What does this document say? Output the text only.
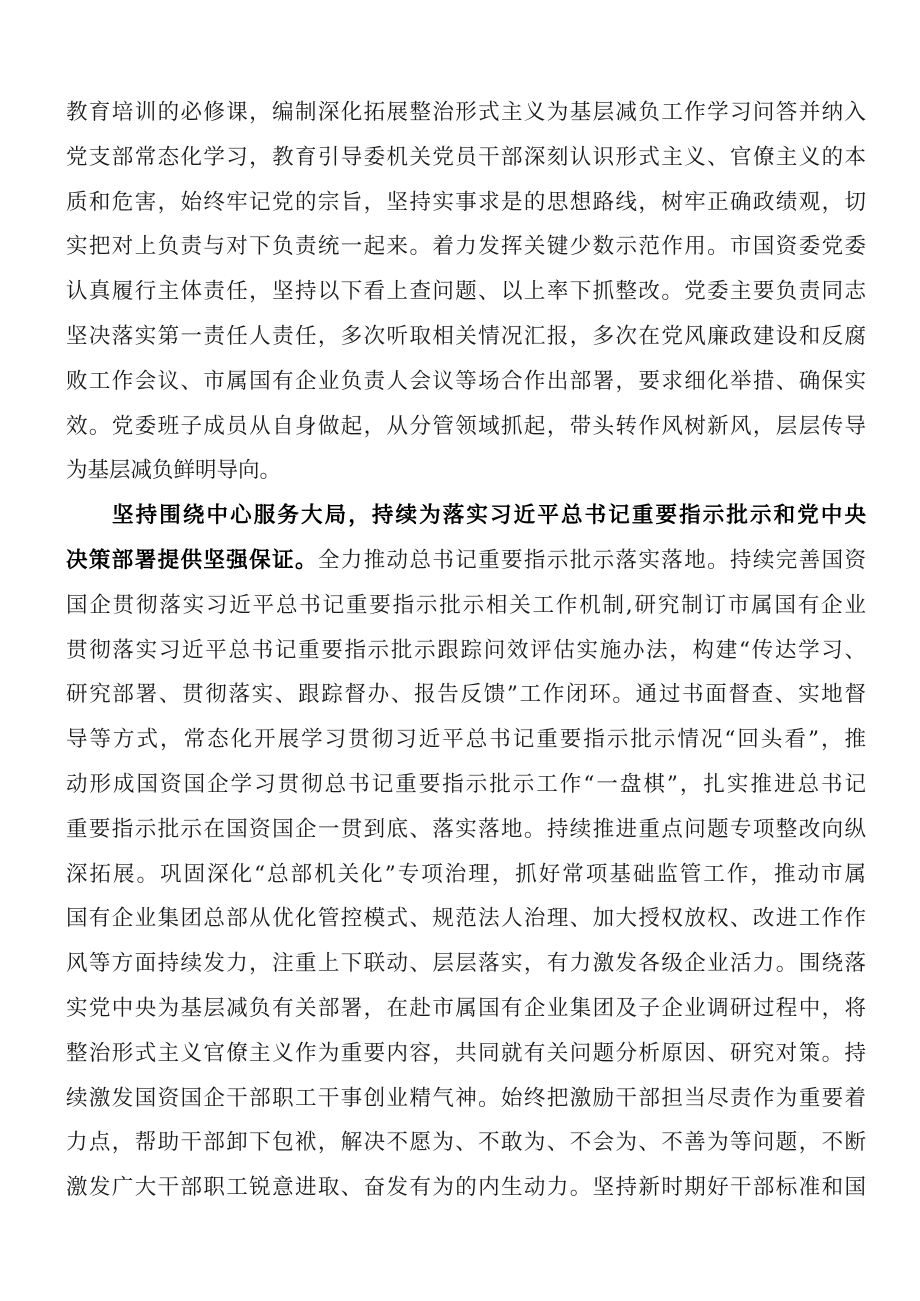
教育培训的必修课，编制深化拓展整治形式主义为基层减负工作学习问答并纳入
党支部常态化学习，教育引导委机关党员干部深刻认识形式主义、官僚主义的本
质和危害，始终牢记党的宗旨，坚持实事求是的思想路线，树牢正确政绩观，切
实把对上负责与对下负责统一起来。着力发挥关键少数示范作用。市国资委党委
认真履行主体责任，坚持以下看上查问题、以上率下抓整改。党委主要负责同志
坚决落实第一责任人责任，多次听取相关情况汇报，多次在党风廉政建设和反腐
败工作会议、市属国有企业负责人会议等场合作出部署，要求细化举措、确保实
效。党委班子成员从自身做起，从分管领域抓起，带头转作风树新风，层层传导
为基层减负鲜明导向。
坚持围绕中心服务大局，持续为落实习近平总书记重要指示批示和党中央
决策部署提供坚强保证。全力推动总书记重要指示批示落实落地。持续完善国资
国企贯彻落实习近平总书记重要指示批示相关工作机制,研究制订市属国有企业
贯彻落实习近平总书记重要指示批示跟踪问效评估实施办法，构建“传达学习、
研究部署、贯彻落实、跟踪督办、报告反馈”工作闭环。通过书面督查、实地督
导等方式，常态化开展学习贯彻习近平总书记重要指示批示情况“回头看”，推
动形成国资国企学习贯彻总书记重要指示批示工作“一盘棋”，扎实推进总书记
重要指示批示在国资国企一贯到底、落实落地。持续推进重点问题专项整改向纵
深拓展。巩固深化“总部机关化”专项治理，抓好常项基础监管工作，推动市属
国有企业集团总部从优化管控模式、规范法人治理、加大授权放权、改进工作作
风等方面持续发力，注重上下联动、层层落实，有力激发各级企业活力。围绕落
实党中央为基层减负有关部署，在赴市属国有企业集团及子企业调研过程中，将
整治形式主义官僚主义作为重要内容，共同就有关问题分析原因、研究对策。持
续激发国资国企干部职工干事创业精气神。始终把激励干部担当尽责作为重要着
力点，帮助干部卸下包袱，解决不愿为、不敢为、不会为、不善为等问题，不断
激发广大干部职工锐意进取、奋发有为的内生动力。坚持新时期好干部标准和国
